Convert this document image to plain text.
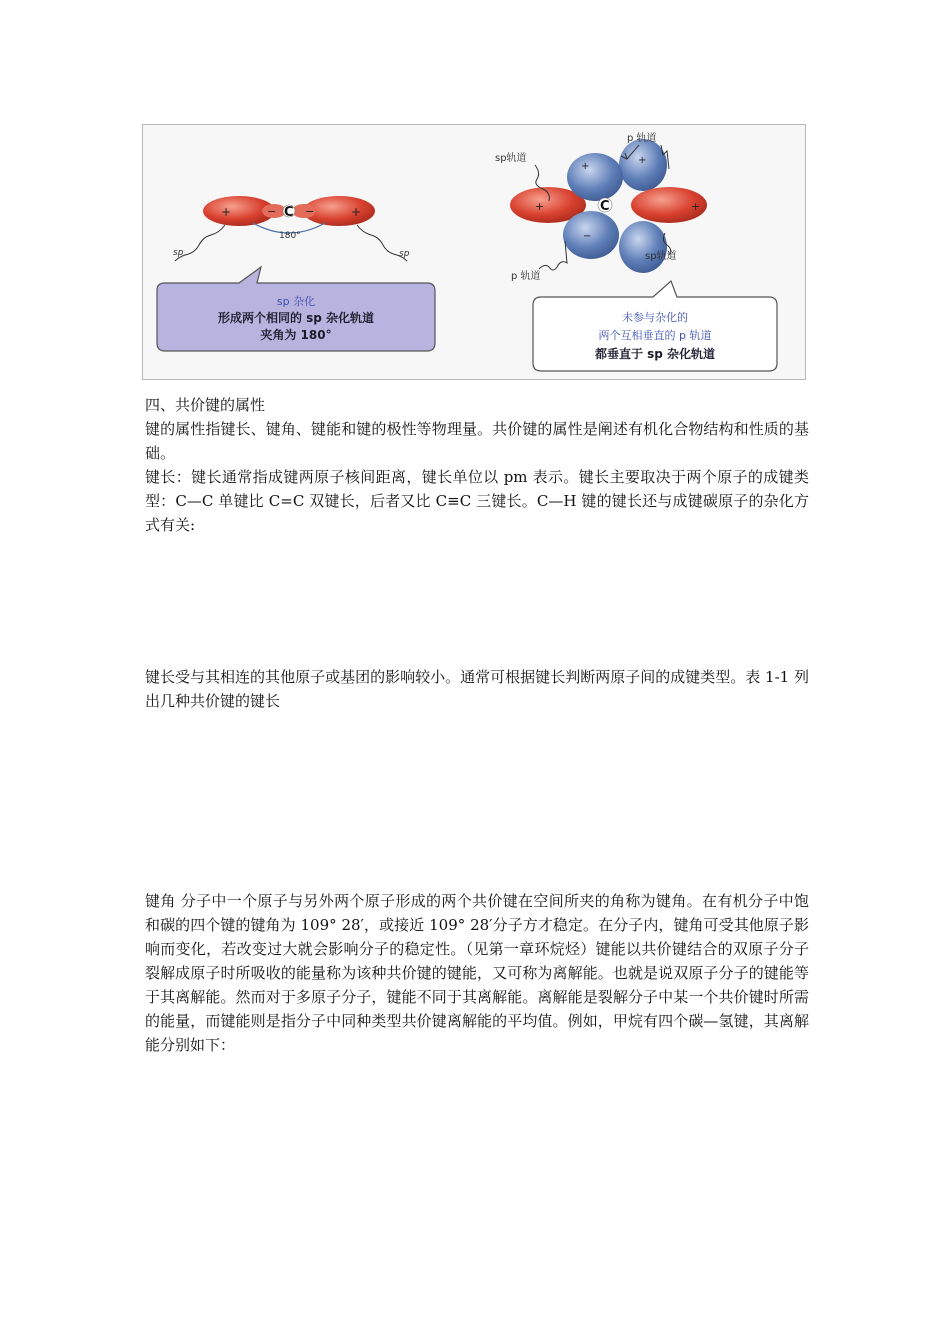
+	−	−	+
C
180°
sp	sp
sp 杂化
形成两个相同的 sp 杂化轨道
夹角为 180°
C
+	+
+
−
+
sp轨道
p 轨道
p 轨道
sp轨道
未参与杂化的
两个互相垂直的 p 轨道
都垂直于 sp 杂化轨道
四、共价键的属性

键的属性指键长、键角、键能和键的极性等物理量。共价键的属性是阐述有机化合物结构和性质的基础。

键长：键长通常指成键两原子核间距离，键长单位以 pm 表示。键长主要取决于两个原子的成键类型：C—C 单键比 C=C 双键长，后者又比 C≡C 三键长。C—H 键的键长还与成键碳原子的杂化方式有关:

键长受与其相连的其他原子或基团的影响较小。通常可根据键长判断两原子间的成键类型。表 1-1 列出几种共价键的键长

键角 分子中一个原子与另外两个原子形成的两个共价键在空间所夹的角称为键角。在有机分子中饱和碳的四个键的键角为 109° 28′，或接近 109° 28′分子方才稳定。在分子内，键角可受其他原子影响而变化，若改变过大就会影响分子的稳定性。（见第一章环烷烃）键能以共价键结合的双原子分子裂解成原子时所吸收的能量称为该种共价键的键能，又可称为离解能。也就是说双原子分子的键能等于其离解能。然而对于多原子分子，键能不同于其离解能。离解能是裂解分子中某一个共价键时所需的能量，而键能则是指分子中同种类型共价键离解能的平均值。例如，甲烷有四个碳—氢键，其离解能分别如下：
